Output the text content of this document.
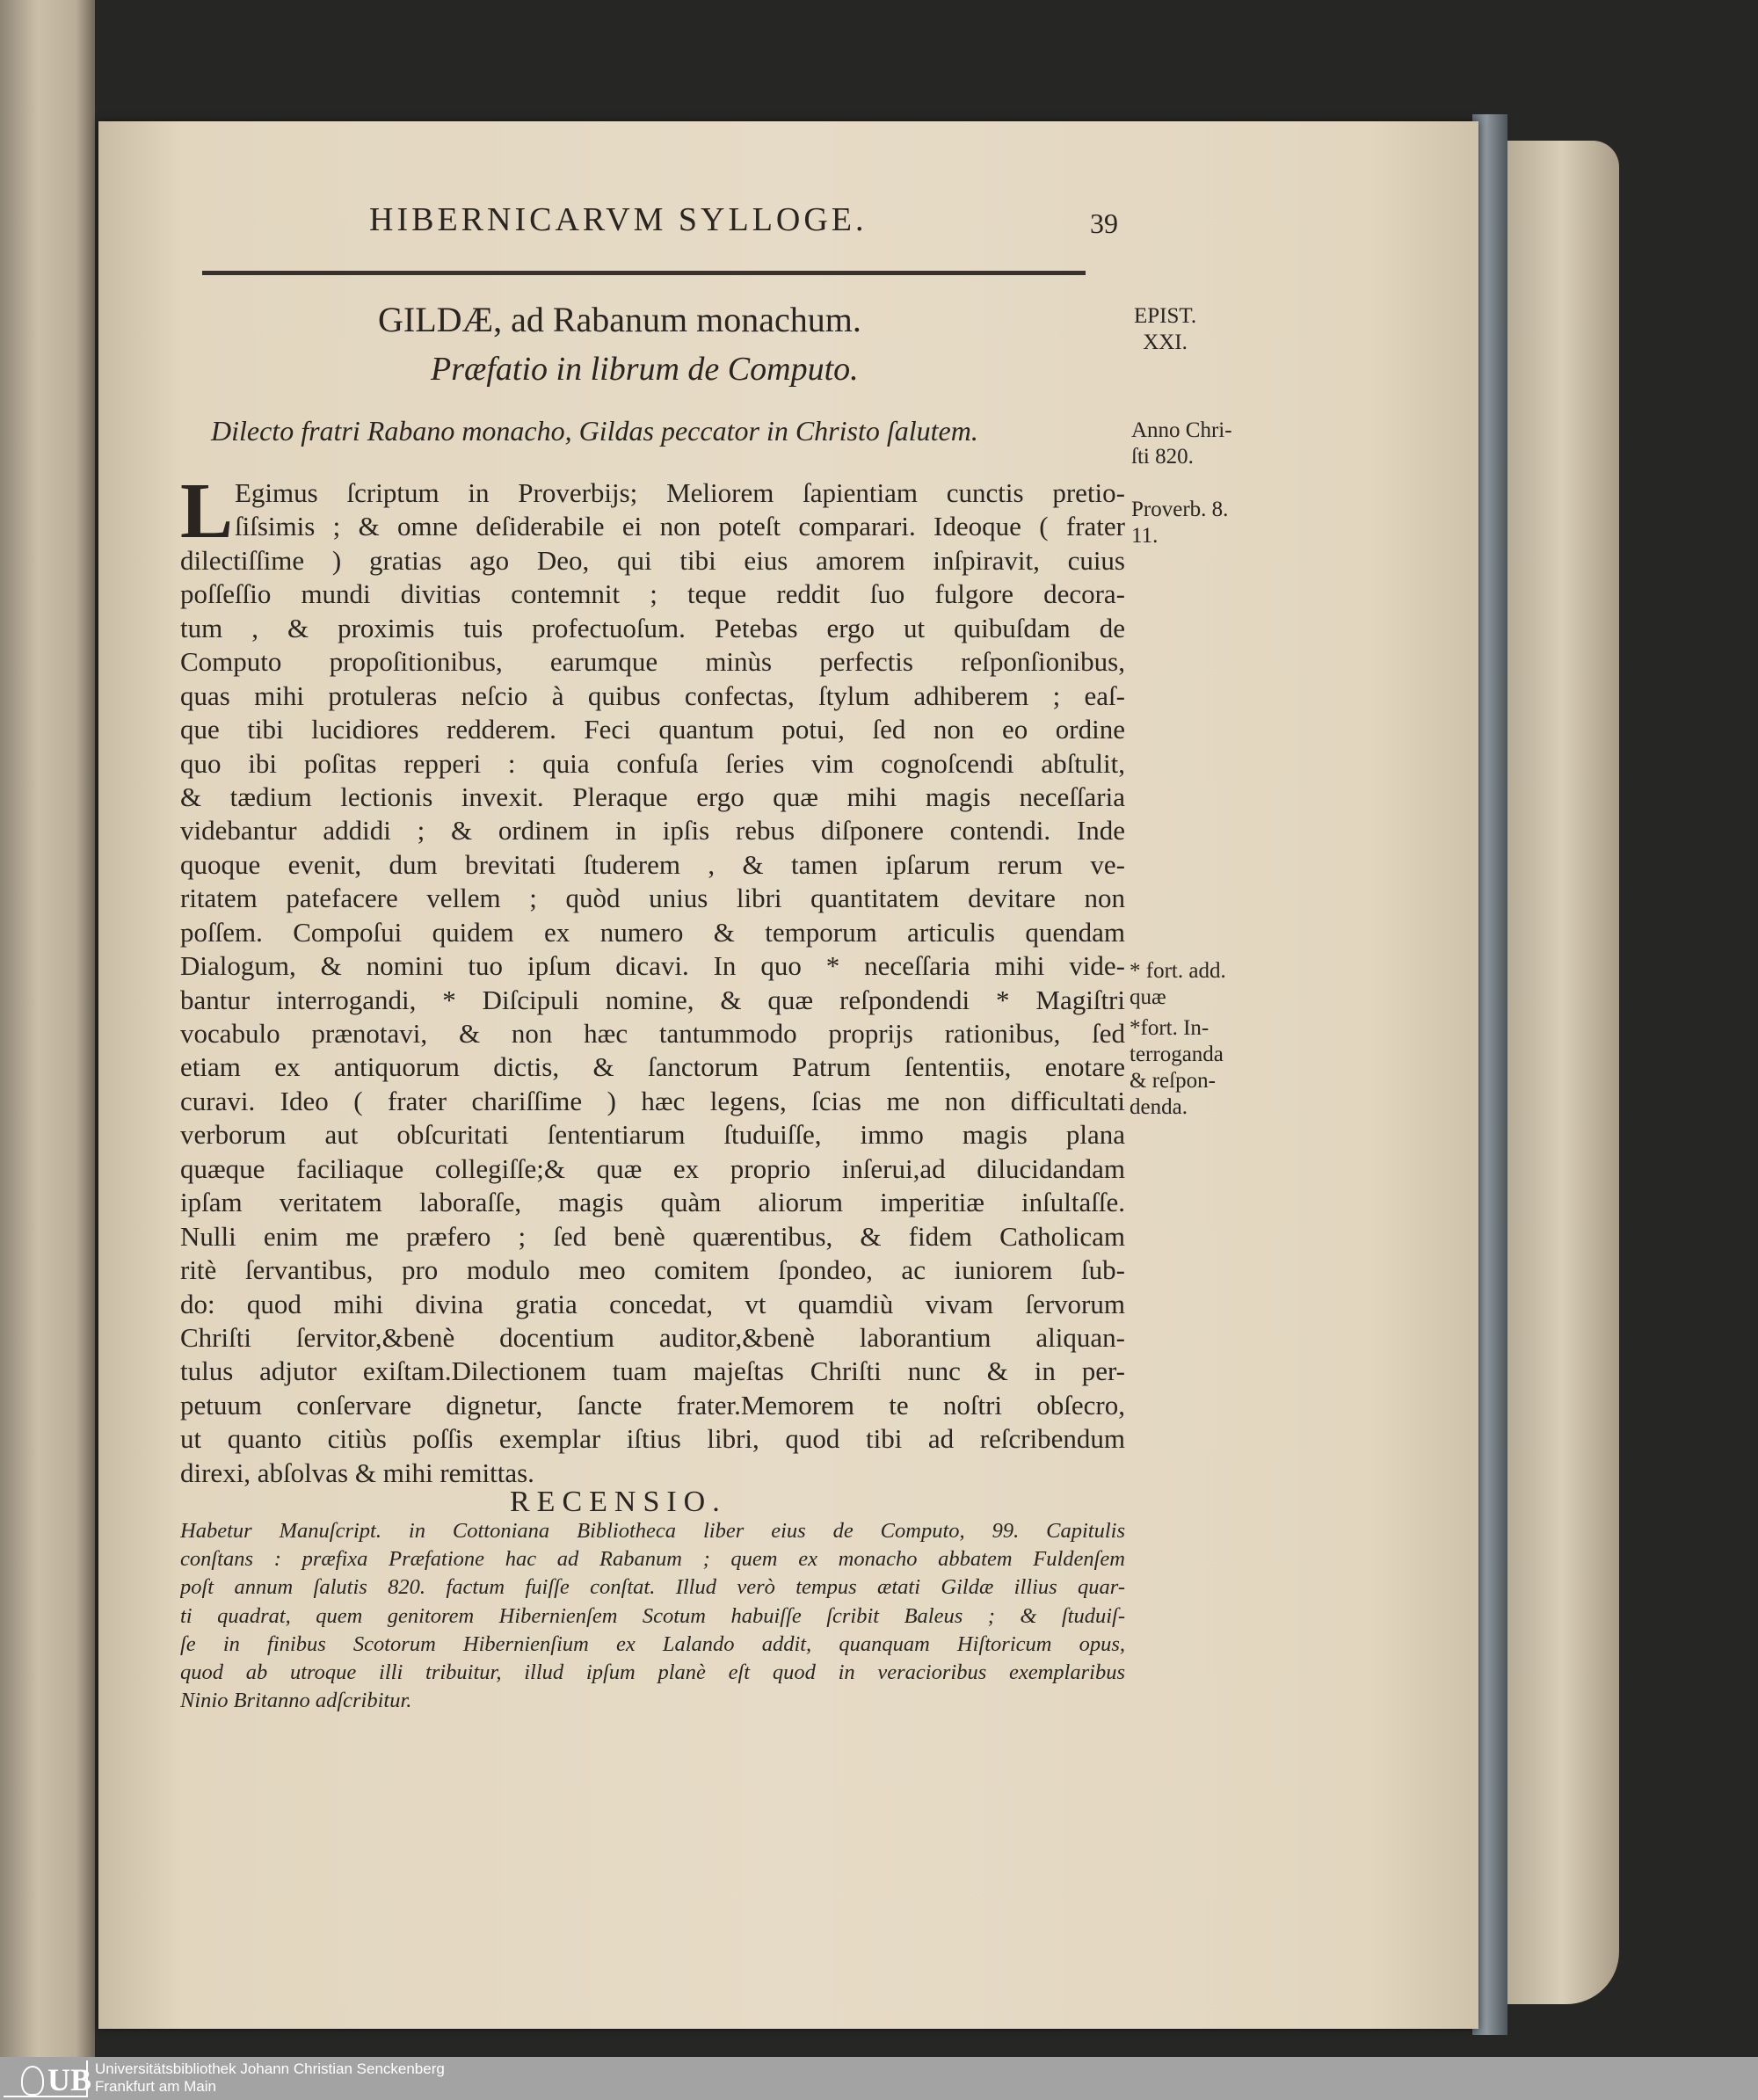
HIBERNICARVM SYLLOGE.	39
GILDÆ, ad Rabanum monachum.
Præfatio in librum de Computo.
Dilecto fratri Rabano monacho, Gildas peccator in Christo ſalutem.
L Egimus ſcriptum in Proverbijs; Meliorem ſapientiam cunctis pretio-
ſiſsimis ; & omne deſiderabile ei non poteſt comparari. Ideoque ( frater
dilectiſſime ) gratias ago Deo, qui tibi eius amorem inſpiravit, cuius
poſſeſſio mundi divitias contemnit ; teque reddit ſuo fulgore decora-
tum , & proximis tuis profectuoſum. Petebas ergo ut quibuſdam de
Computo propoſitionibus, earumque minùs perfectis reſponſionibus,
quas mihi protuleras neſcio à quibus confectas, ſtylum adhiberem ; eaſ-
que tibi lucidiores redderem. Feci quantum potui, ſed non eo ordine
quo ibi poſitas repperi : quia confuſa ſeries vim cognoſcendi abſtulit,
& tædium lectionis invexit. Pleraque ergo quæ mihi magis neceſſaria
videbantur addidi ; & ordinem in ipſis rebus diſponere contendi. Inde
quoque evenit, dum brevitati ſtuderem , & tamen ipſarum rerum ve-
ritatem patefacere vellem ; quòd unius libri quantitatem devitare non
poſſem. Compoſui quidem ex numero & temporum articulis quendam
Dialogum, & nomini tuo ipſum dicavi. In quo * neceſſaria mihi vide-
bantur interrogandi, * Diſcipuli nomine, & quæ reſpondendi * Magiſtri
vocabulo prænotavi, & non hæc tantummodo proprijs rationibus, ſed
etiam ex antiquorum dictis, & ſanctorum Patrum ſententiis, enotare
curavi. Ideo ( frater chariſſime ) hæc legens, ſcias me non difficultati
verborum aut obſcuritati ſententiarum ſtuduiſſe, immo magis plana
quæque faciliaque collegiſſe;& quæ ex proprio inſerui,ad dilucidandam
ipſam veritatem laboraſſe, magis quàm aliorum imperitiæ inſultaſſe.
Nulli enim me præfero ; ſed benè quærentibus, & fidem Catholicam
ritè ſervantibus, pro modulo meo comitem ſpondeo, ac iuniorem ſub-
do: quod mihi divina gratia concedat, vt quamdiù vivam ſervorum
Chriſti ſervitor,&benè docentium auditor,&benè laborantium aliquan-
tulus adjutor exiſtam.Dilectionem tuam majeſtas Chriſti nunc & in per-
petuum conſervare dignetur, ſancte frater.Memorem te noſtri obſecro,
ut quanto citiùs poſſis exemplar iſtius libri, quod tibi ad reſcribendum
direxi, abſolvas & mihi remittas.
RECENSIO.
Habetur Manuſcript. in Cottoniana Bibliotheca liber eius de Computo, 99. Capitulis
conſtans : præfixa Præfatione hac ad Rabanum ; quem ex monacho abbatem Fuldenſem
poſt annum ſalutis 820. factum fuiſſe conſtat. Illud verò tempus ætati Gildæ illius quar-
ti quadrat, quem genitorem Hibernienſem Scotum habuiſſe ſcribit Baleus ; & ſtuduiſ-
ſe in finibus Scotorum Hibernienſium ex Lalando addit, quanquam Hiſtoricum opus,
quod ab utroque illi tribuitur, illud ipſum planè eſt quod in veracioribus exemplaribus
Ninio Britanno adſcribitur.
EPIST.
XXI.
Anno Chri-
ſti 820.
Proverb. 8.
11.
* fort. add.
quæ
*fort. In-
terroganda
& reſpon-
denda.
UB Universitätsbibliothek Johann Christian Senckenberg
Frankfurt am Main
